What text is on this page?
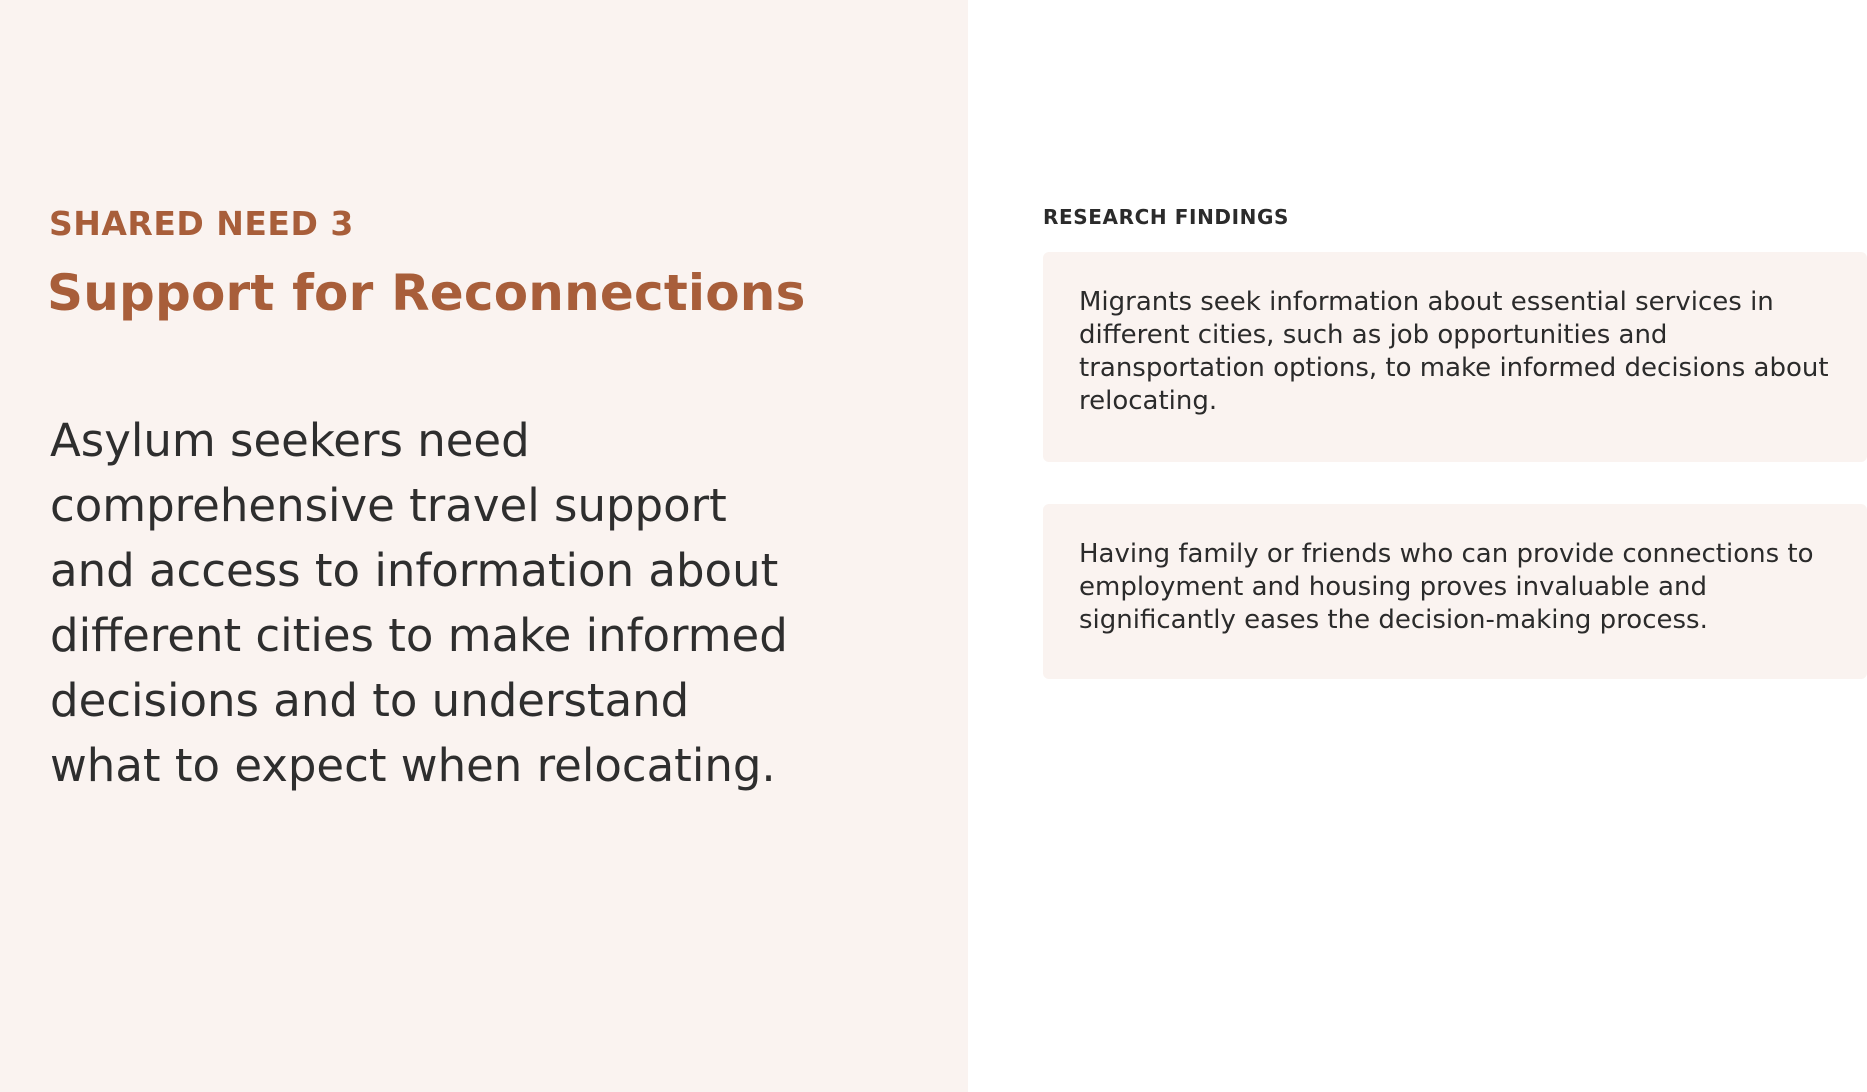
SHARED NEED 3
Support for Reconnections

Asylum seekers need comprehensive travel support and access to information about different cities to make informed decisions and to understand what to expect when relocating.

RESEARCH FINDINGS

Migrants seek information about essential services in different cities, such as job opportunities and transportation options, to make informed decisions about relocating.

Having family or friends who can provide connections to employment and housing proves invaluable and significantly eases the decision-making process.
